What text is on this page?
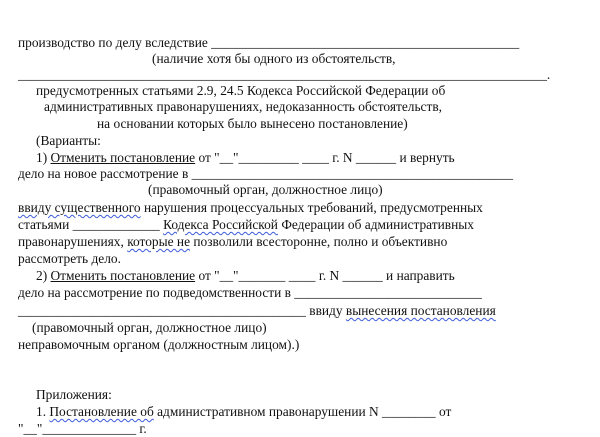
производство по делу вследствие ______________________________________________
(наличие хотя бы одного из обстоятельств,
_______________________________________________________________________________.
предусмотренных статьями 2.9, 24.5 Кодекса Российской Федерации об
административных правонарушениях, недоказанность обстоятельств,
на основании которых было вынесено постановление)
(Варианты:
1) Отменить постановление от "__"_________ ____ г. N ______ и вернуть
дело на новое рассмотрение в ________________________________________________
(правомочный орган, должностное лицо)
ввиду существенного нарушения процессуальных требований, предусмотренных
статьями _____________ Кодекса Российской Федерации об административных
правонарушениях, которые не позволили всесторонне, полно и объективно
рассмотреть дело.
2) Отменить постановление от "__"_______ ____ г. N ______ и направить
дело на рассмотрение по подведомственности в ____________________________
___________________________________________ ввиду вынесения постановления
(правомочный орган, должностное лицо)
неправомочным органом (должностным лицом).)
Приложения:
1. Постановление об административном правонарушении N ________ от
"__"______________ г.
